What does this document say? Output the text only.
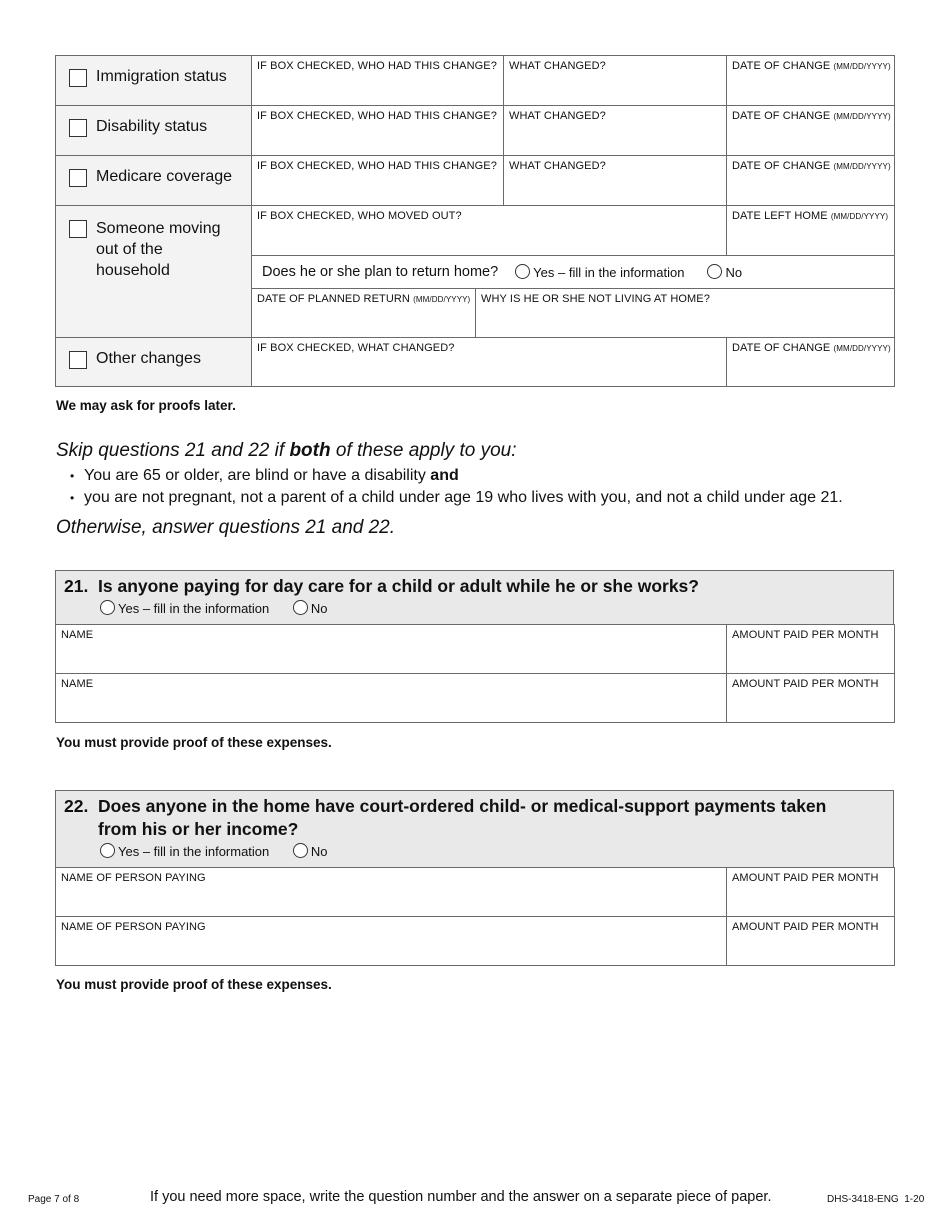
Immigration status	IF BOX CHECKED, WHO HAD THIS CHANGE?		WHAT CHANGED?	DATE OF CHANGE (MM/DD/YYYY)

Disability status	IF BOX CHECKED, WHO HAD THIS CHANGE?		WHAT CHANGED?	DATE OF CHANGE (MM/DD/YYYY)

Medicare coverage	IF BOX CHECKED, WHO HAD THIS CHANGE?		WHAT CHANGED?	DATE OF CHANGE (MM/DD/YYYY)

Someone moving
out of the
household	IF BOX CHECKED, WHO MOVED OUT?			DATE LEFT HOME (MM/DD/YYYY)

	Does he or she plan to return home? Yes – fill in the information No			

	DATE OF PLANNED RETURN (MM/DD/YYYY)	WHY IS HE OR SHE NOT LIVING AT HOME?		

Other changes	IF BOX CHECKED, WHAT CHANGED?			DATE OF CHANGE (MM/DD/YYYY)
We may ask for proofs later.
Skip questions 21 and 22 if both of these apply to you:
• You are 65 or older, are blind or have a disability and
• you are not pregnant, not a parent of a child under age 19 who lives with you, and not a child under age 21.
Otherwise, answer questions 21 and 22.
21. Is anyone paying for day care for a child or adult while he or she works?
Yes – fill in the information	No
NAME	AMOUNT PAID PER MONTH

NAME	AMOUNT PAID PER MONTH
You must provide proof of these expenses.
22. Does anyone in the home have court-ordered child- or medical-support payments taken
from his or her income?
Yes – fill in the information	No
NAME OF PERSON PAYING	AMOUNT PAID PER MONTH

NAME OF PERSON PAYING	AMOUNT PAID PER MONTH
You must provide proof of these expenses.
Page 7 of 8	If you need more space, write the question number and the answer on a separate piece of paper.	DHS-3418-ENG  1-20
